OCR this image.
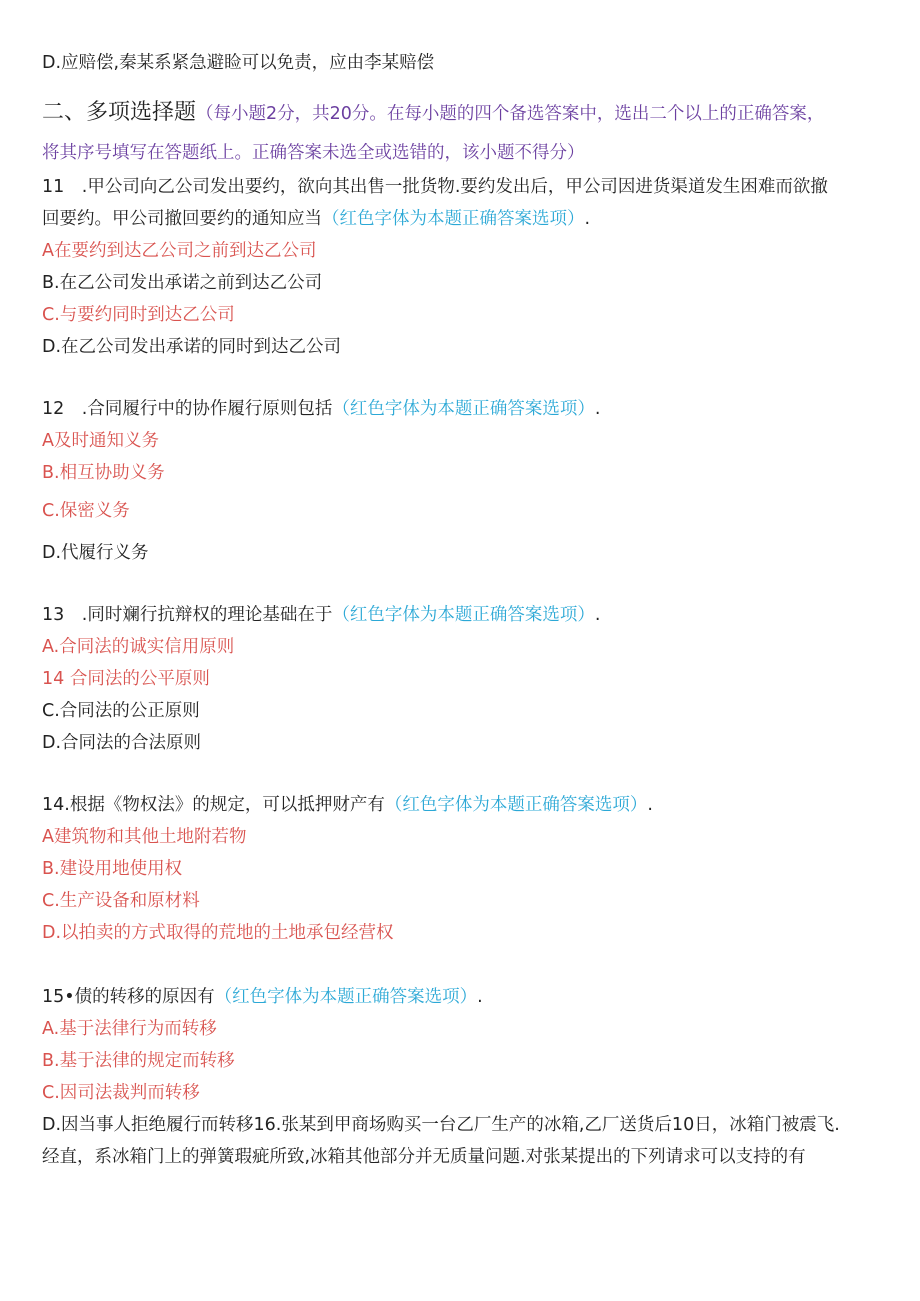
D.应赔偿,秦某系紧急避睑可以免责，应由李某赔偿
二、多项选择题（每小题2分，共20分。在每小题的四个备选答案中，选出二个以上的正确答案，
将其序号填写在答题纸上。正确答案未选全或选错的，该小题不得分）
11　.甲公司向乙公司发出要约，欲向其出售一批货物.要约发出后，甲公司因进货渠道发生困难而欲撤
回要约。甲公司撤回要约的通知应当（红色字体为本题正确答案选项）.
A在要约到达乙公司之前到达乙公司
B.在乙公司发出承诺之前到达乙公司
C.与要约同时到达乙公司
D.在乙公司发出承诺的同时到达乙公司
12　.合同履行中的协作履行原则包括（红色字体为本题正确答案选项）.
A及时通知义务
B.相互协助义务
C.保密义务
D.代履行义务
13　.同时斓行抗辩权的理论基础在于（红色字体为本题正确答案选项）.
A.合同法的诚实信用原则
14 合同法的公平原则
C.合同法的公正原则
D.合同法的合法原则
14.根据《物权法》的规定，可以抵押财产有（红色字体为本题正确答案选项）.
A建筑物和其他土地附若物
B.建设用地使用权
C.生产设备和原材料
D.以拍卖的方式取得的荒地的土地承包经营权
15•债的转移的原因有（红色字体为本题正确答案选项）.
A.基于法律行为而转移
B.基于法律的规定而转移
C.因司法裁判而转移
D.因当事人拒绝履行而转移16.张某到甲商场购买一台乙厂生产的冰箱,乙厂送货后10日，冰箱门被震飞.
经直，系冰箱门上的弹簧瑕疵所致,冰箱其他部分并无质量问题.对张某提出的下列请求可以支持的有
